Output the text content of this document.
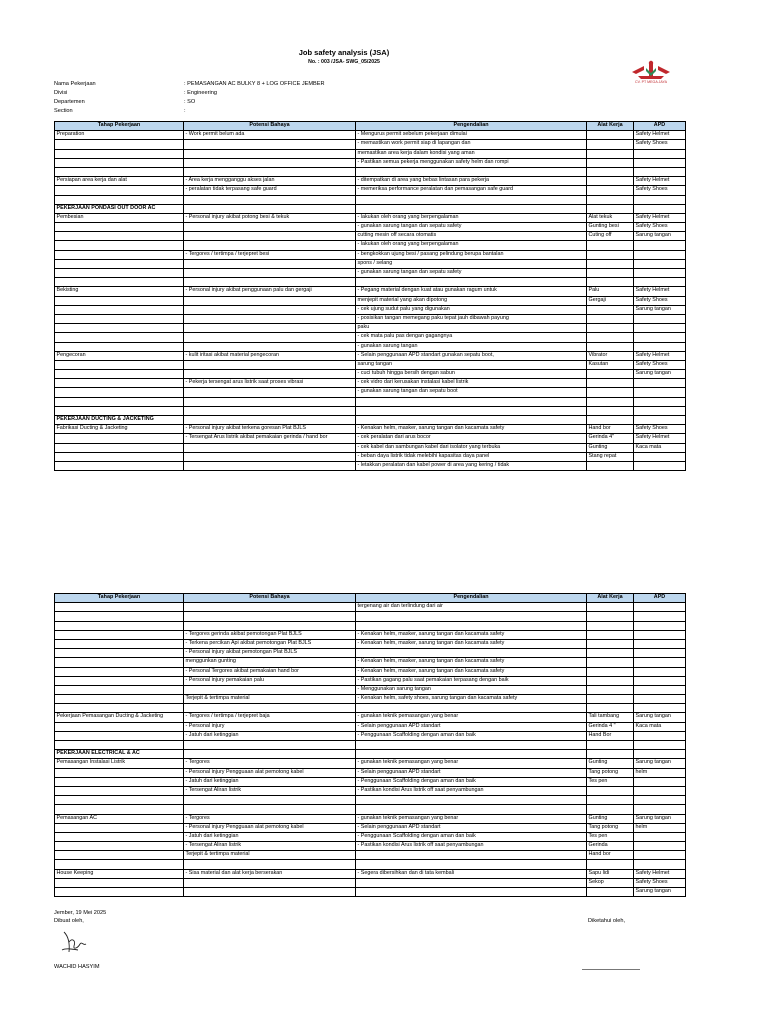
Job safety analysis (JSA)
No. : 003 /JSA- SWG_05/2025
CV. PT MEGA JAYA
Nama Pekerjaan	: PEMASANGAN AC BULKY 8 + LOG OFFICE JEMBER
Divisi	: Engineering
Departemen	: SO
Section	:
Tahap Pekerjaan	Potensi Bahaya	Pengendalian	Alat Kerja	APD
Preparation	- Work permit belum ada	- Mengurus permit sebelum pekerjaan dimulai		Safety Helmet
		- memastikan work permit siap di lapangan dan		Safety Shoes
		memastikan area kerja dalam kondisi yang aman		
		- Pastikan semua pekerja menggunakan safety helm dan rompi		

Persiapan area kerja dan alat	- Area kerja mengganggu akses jalan	- ditempatkan di area yang bebas lintasan para pekerja		Safety Helmet
	- peralatan tidak terpasang safe guard	- memeriksa performance peralatan dan pemasangan safe guard		Safety Shoes

PEKERJAAN PONDASI OUT DOOR AC				
Pembesian	- Personal injury akibat potong besi & tekuk	- lakukan oleh orang yang berpengalaman	Alat tekuk	Safety Helmet
		- gunakan sarung tangan dan sepatu safety	Gunting besi	Safety Shoes
		cutting mesin off secara otomatis	Cuting off	Sarung tangan
		- lakukan oleh orang yang berpengalaman		
	- Tergores / tertimpa / terjepret besi	- bengkokkan ujung besi / pasang pelindung berupa bantalan		
		spons / selang		
		- gunakan sarung tangan dan sepatu safety		

Bekisting	- Personal injury akibat penggunaan palu dan gergaji	- Pegang material dengan kuat atau gunakan ragum untuk	Palu	Safety Helmet
		menjepit material yang akan dipotong	Gergaji	Safety Shoes
		- cek ujung sudut palu yang digunakan		Sarung tangan
		- posisikan tangan memegang paku tepat jauh dibawah payung		
		paku		
		- cek mata palu pas dengan gagangnya		
		- gunakan sarung tangan		
Pengecoran	- kulit iritasi akibat material pengecoran	- Selain penggunaan APD standart gunakan sepatu boot,	Vibrator	Safety Helmet
		sarung tangan	Kasutan	Safety Shoes
		- cuci tubuh hingga bersih dengan sabun		Sarung tangan
	- Pekerja tersengat arus listrik saat proses vibrasi	- cek vidro dari kerusakan instalasi kabel listrik		
		- gunakan sarung tangan dan sepatu boot		

PEKERJAAN DUCTING & JACKETING				
Fabrikasi Ducting & Jacketing	- Personal injury akibat terkena goresan Plat BJLS	- Kenakan helm, masker, sarung tangan dan kacamata safety	Hand bor	Safety Shoes
	- Tersengat Arus listrik akibat pemakaian gerinda / hand bor	- cek peralatan dari arus bocor	Gerinda 4"	Safety Helmet
		- cek kabel dan sambungan kabel dari isolator yang terbuka	Gunting	Kaca mata
		- beban daya listrik tidak melebihi kapasitas daya panel	Stang repat	
		- letakkan peralatan dan kabel power di area yang kering / tidak		
Tahap Pekerjaan	Potensi Bahaya	Pengendalian	Alat Kerja	APD
		tergenang air dan terlindung dari air		

	- Tergores gerinda akibat pemotongan Plat BJLS	- Kenakan helm, masker, sarung tangan dan kacamata safety		
	- Terkena percikan Api akibat pemotongan Plat BJLS	- Kenakan helm, masker, sarung tangan dan kacamata safety		
	- Personal injury akibat pemotongan Plat BJLS			
	menggunkan gunting	- Kenakan helm, masker, sarung tangan dan kacamata safety		
	- Personal Tergores akibat pemakaian hand bor	- Kenakan helm, masker, sarung tangan dan kacamata safety		
	- Personal injury pemakaian palu	- Pastikan gagang palu saat pemakaian terpasang dengan baik		
		- Menggunakan sarung tangan		
	Terjepit & tertimpa material	- Kenakan helm, safety shoes, sarung tangan dan kacamata safety		

Pekerjaan Pemasangan Ducting & Jacketing	- Tergores / tertimpa / terjepret baja	- gunakan teknik pemasangan yang benar	Tali tambang	Sarung tangan
	- Personal injury	- Selain penggunaan APD standart	Gerinda 4 "	Kaca mata
	- Jatuh dari ketinggian	- Penggunaan Scaffolding dengan aman dan baik	Hand Bor	

PEKERJAAN ELECTRICAL & AC				
Pemasangan Instalasi Listrik	- Tergores	- gunakan teknik pemasangan yang benar	Gunting	Sarung tangan
	- Personal injury Pengguaan alat pemotong kabel	- Selain penggunaan APD standart	Tang potong	helm
	- Jatuh dari ketinggian	- Penggunaan Scaffolding dengan aman dan baik	Tes pen	
	- Tersengat Aliran listrik	- Pastikan kondisi Arus listrik off saat penyambungan		

Pemasangan AC	- Tergores	- gunakan teknik pemasangan yang benar	Gunting	Sarung tangan
	- Personal injury Pengguaan alat pemotong kabel	- Selain penggunaan APD standart	Tang potong	helm
	- Jatuh dari ketinggian	- Penggunaan Scaffolding dengan aman dan baik	Tes pen	
	- Tersengat Aliran listrik	- Pastikan kondisi Arus listrik off saat penyambungan	Gerinda	
	Terjepit & tertimpa material		Hand bor	

House Keeping	- Sisa material dan alat kerja berserakan	- Segera dibersihkan dan di tata kembali	Sapu lidi	Safety Helmet
			Sekop	Safety Shoes
				Sarung tangan
Jember, 19 Mei 2025
Dibuat oleh,	Diketahui oleh,
WACHID HASYIM
